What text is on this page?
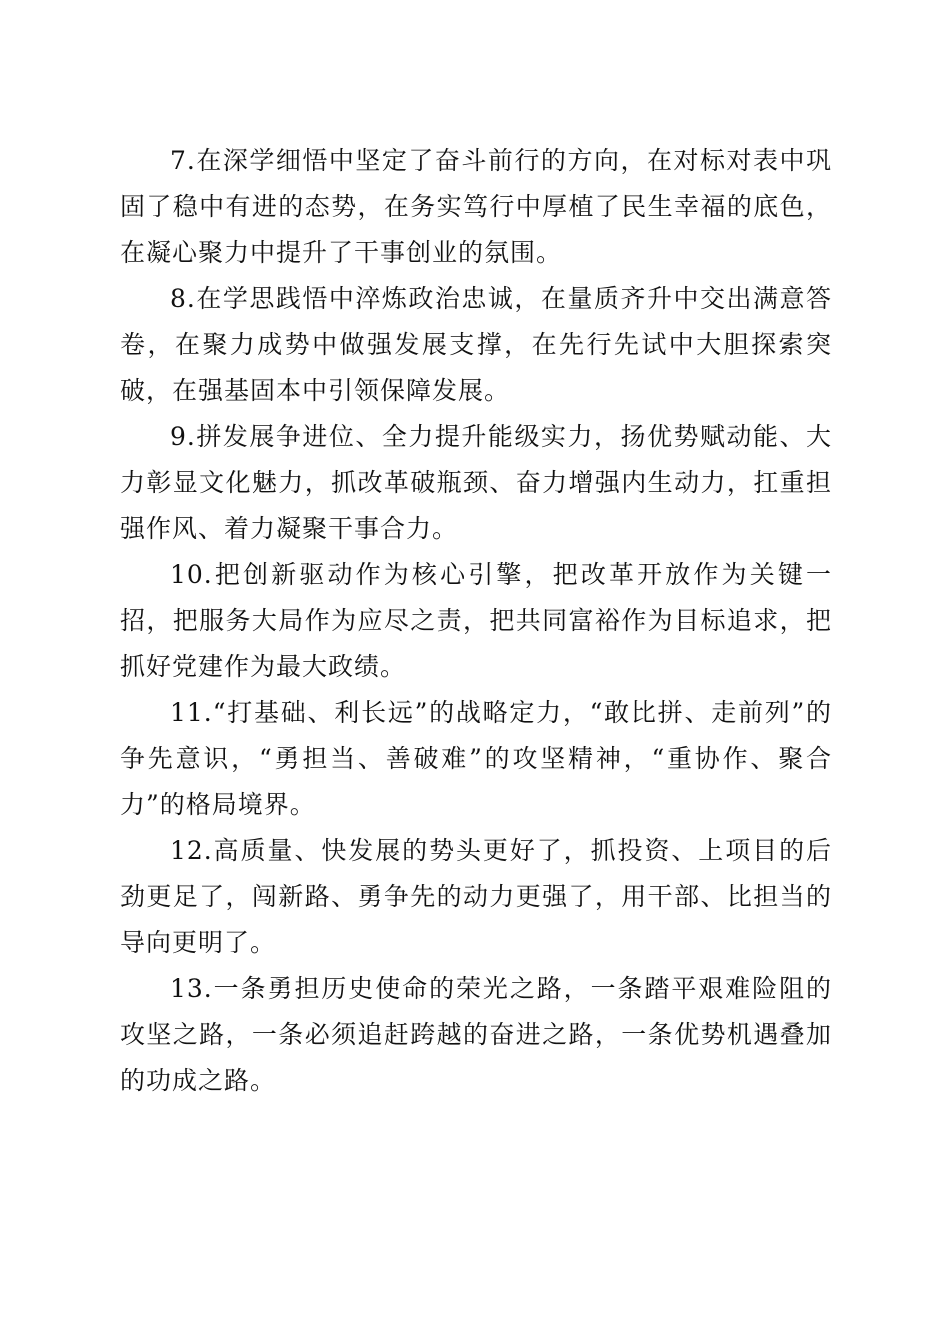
7.在深学细悟中坚定了奋斗前行的方向，在对标对表中巩固了稳中有进的态势，在务实笃行中厚植了民生幸福的底色，在凝心聚力中提升了干事创业的氛围。

8.在学思践悟中淬炼政治忠诚，在量质齐升中交出满意答卷，在聚力成势中做强发展支撑，在先行先试中大胆探索突破，在强基固本中引领保障发展。

9.拼发展争进位、全力提升能级实力，扬优势赋动能、大力彰显文化魅力，抓改革破瓶颈、奋力增强内生动力，扛重担强作风、着力凝聚干事合力。

10.把创新驱动作为核心引擎，把改革开放作为关键一招，把服务大局作为应尽之责，把共同富裕作为目标追求，把抓好党建作为最大政绩。

11.“打基础、利长远”的战略定力，“敢比拼、走前列”的争先意识，“勇担当、善破难”的攻坚精神，“重协作、聚合力”的格局境界。

12.高质量、快发展的势头更好了，抓投资、上项目的后劲更足了，闯新路、勇争先的动力更强了，用干部、比担当的导向更明了。

13.一条勇担历史使命的荣光之路，一条踏平艰难险阻的攻坚之路，一条必须追赶跨越的奋进之路，一条优势机遇叠加的功成之路。
